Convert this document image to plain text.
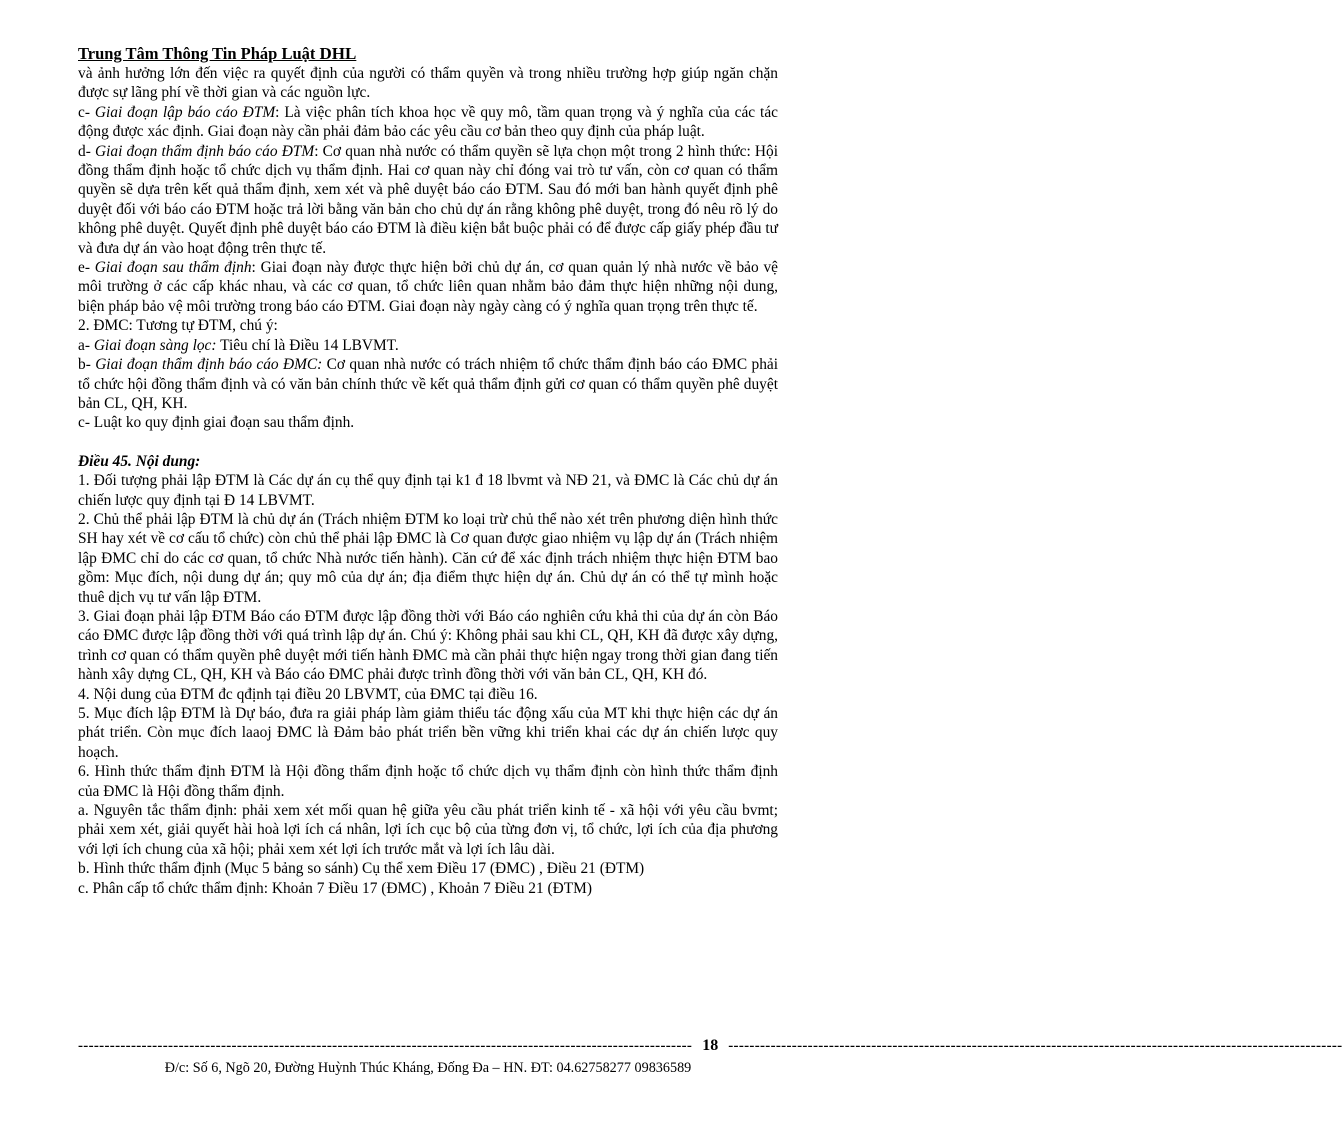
Trung Tâm Thông Tin Pháp Luật DHL

và ảnh hưởng lớn đến việc ra quyết định của người có thẩm quyền và trong nhiều trường hợp giúp ngăn chặn được sự lãng phí về thời gian và các nguồn lực.

c- Giai đoạn lập báo cáo ĐTM: Là việc phân tích khoa học về quy mô, tầm quan trọng và ý nghĩa của các tác động được xác định. Giai đoạn này cần phải đảm bảo các yêu cầu cơ bản theo quy định của pháp luật.

d- Giai đoạn thẩm định báo cáo ĐTM: Cơ quan nhà nước có thẩm quyền sẽ lựa chọn một trong 2 hình thức: Hội đồng thẩm định hoặc tổ chức dịch vụ thẩm định. Hai cơ quan này chỉ đóng vai trò tư vấn, còn cơ quan có thẩm quyền sẽ dựa trên kết quả thẩm định, xem xét và phê duyệt báo cáo ĐTM. Sau đó mới ban hành quyết định phê duyệt đối với báo cáo ĐTM hoặc trả lời bằng văn bản cho chủ dự án rằng không phê duyệt, trong đó nêu rõ lý do không phê duyệt. Quyết định phê duyệt báo cáo ĐTM là điều kiện bắt buộc phải có để được cấp giấy phép đầu tư và đưa dự án vào hoạt động trên thực tế.

e- Giai đoạn sau thẩm định: Giai đoạn này được thực hiện bởi chủ dự án, cơ quan quản lý nhà nước về bảo vệ môi trường ở các cấp khác nhau, và các cơ quan, tổ chức liên quan nhằm bảo đảm thực hiện những nội dung, biện pháp bảo vệ môi trường trong báo cáo ĐTM. Giai đoạn này ngày càng có ý nghĩa quan trọng trên thực tế.

2. ĐMC: Tương tự ĐTM, chú ý:

a- Giai đoạn sàng lọc: Tiêu chí là Điều 14 LBVMT.

b- Giai đoạn thẩm định báo cáo ĐMC: Cơ quan nhà nước có trách nhiệm tổ chức thẩm định báo cáo ĐMC phải tổ chức hội đồng thẩm định và có văn bản chính thức về kết quả thẩm định gửi cơ quan có thẩm quyền phê duyệt bản CL, QH, KH.

c- Luật ko quy định giai đoạn sau thẩm định.

Điều 45. Nội dung:

1. Đối tượng phải lập ĐTM là Các dự án cụ thể quy định tại k1 đ 18 lbvmt và NĐ 21, và ĐMC là Các chủ dự án chiến lược quy định tại Đ 14 LBVMT.

2. Chủ thể phải lập ĐTM là chủ dự án (Trách nhiệm ĐTM ko loại trừ chủ thể nào xét trên phương diện hình thức SH hay xét về cơ cấu tổ chức) còn chủ thể phải lập ĐMC là Cơ quan được giao nhiệm vụ lập dự án (Trách nhiệm lập ĐMC chỉ do các cơ quan, tổ chức Nhà nước tiến hành). Căn cứ để xác định trách nhiệm thực hiện ĐTM bao gồm: Mục đích, nội dung dự án; quy mô của dự án; địa điểm thực hiện dự án. Chủ dự án có thể tự mình hoặc thuê dịch vụ tư vấn lập ĐTM.

3. Giai đoạn phải lập ĐTM Báo cáo ĐTM được lập đồng thời với Báo cáo nghiên cứu khả thi của dự án còn Báo cáo ĐMC được lập đồng thời với quá trình lập dự án. Chú ý: Không phải sau khi CL, QH, KH đã được xây dựng, trình cơ quan có thẩm quyền phê duyệt mới tiến hành ĐMC mà cần phải thực hiện ngay trong thời gian đang tiến hành xây dựng CL, QH, KH và Báo cáo ĐMC phải được trình đồng thời với văn bản CL, QH, KH đó.

4. Nội dung của ĐTM đc qđịnh tại điều 20 LBVMT, của ĐMC tại điều 16.

5. Mục đích lập ĐTM là Dự báo, đưa ra giải pháp làm giảm thiểu tác động xấu của MT khi thực hiện các dự án phát triển. Còn mục đích laaoj ĐMC là Đảm bảo phát triển bền vững khi triển khai các dự án chiến lược quy hoạch.

6. Hình thức thẩm định ĐTM là Hội đồng thẩm định hoặc tổ chức dịch vụ thẩm định còn hình thức thẩm định của ĐMC là Hội đồng thẩm định.

a. Nguyên tắc thẩm định: phải xem xét mối quan hệ giữa yêu cầu phát triển kinh tế - xã hội với yêu cầu bvmt; phải xem xét, giải quyết hài hoà lợi ích cá nhân, lợi ích cục bộ của từng đơn vị, tổ chức, lợi ích của địa phương với lợi ích chung của xã hội; phải xem xét lợi ích trước mắt và lợi ích lâu dài.

b. Hình thức thẩm định (Mục 5 bảng so sánh) Cụ thể xem Điều 17 (ĐMC) , Điều 21 (ĐTM)

c. Phân cấp tổ chức thẩm định: Khoản 7 Điều 17 (ĐMC) , Khoản 7 Điều 21 (ĐTM)

-------------------------------------------------------------------------------------------------------------------- 18 --------------------------------------------------------------------------------------------------------------------
Đ/c: Số 6, Ngõ 20, Đường Huỳnh Thúc Kháng, Đống Đa – HN. ĐT: 04.62758277 09836589
